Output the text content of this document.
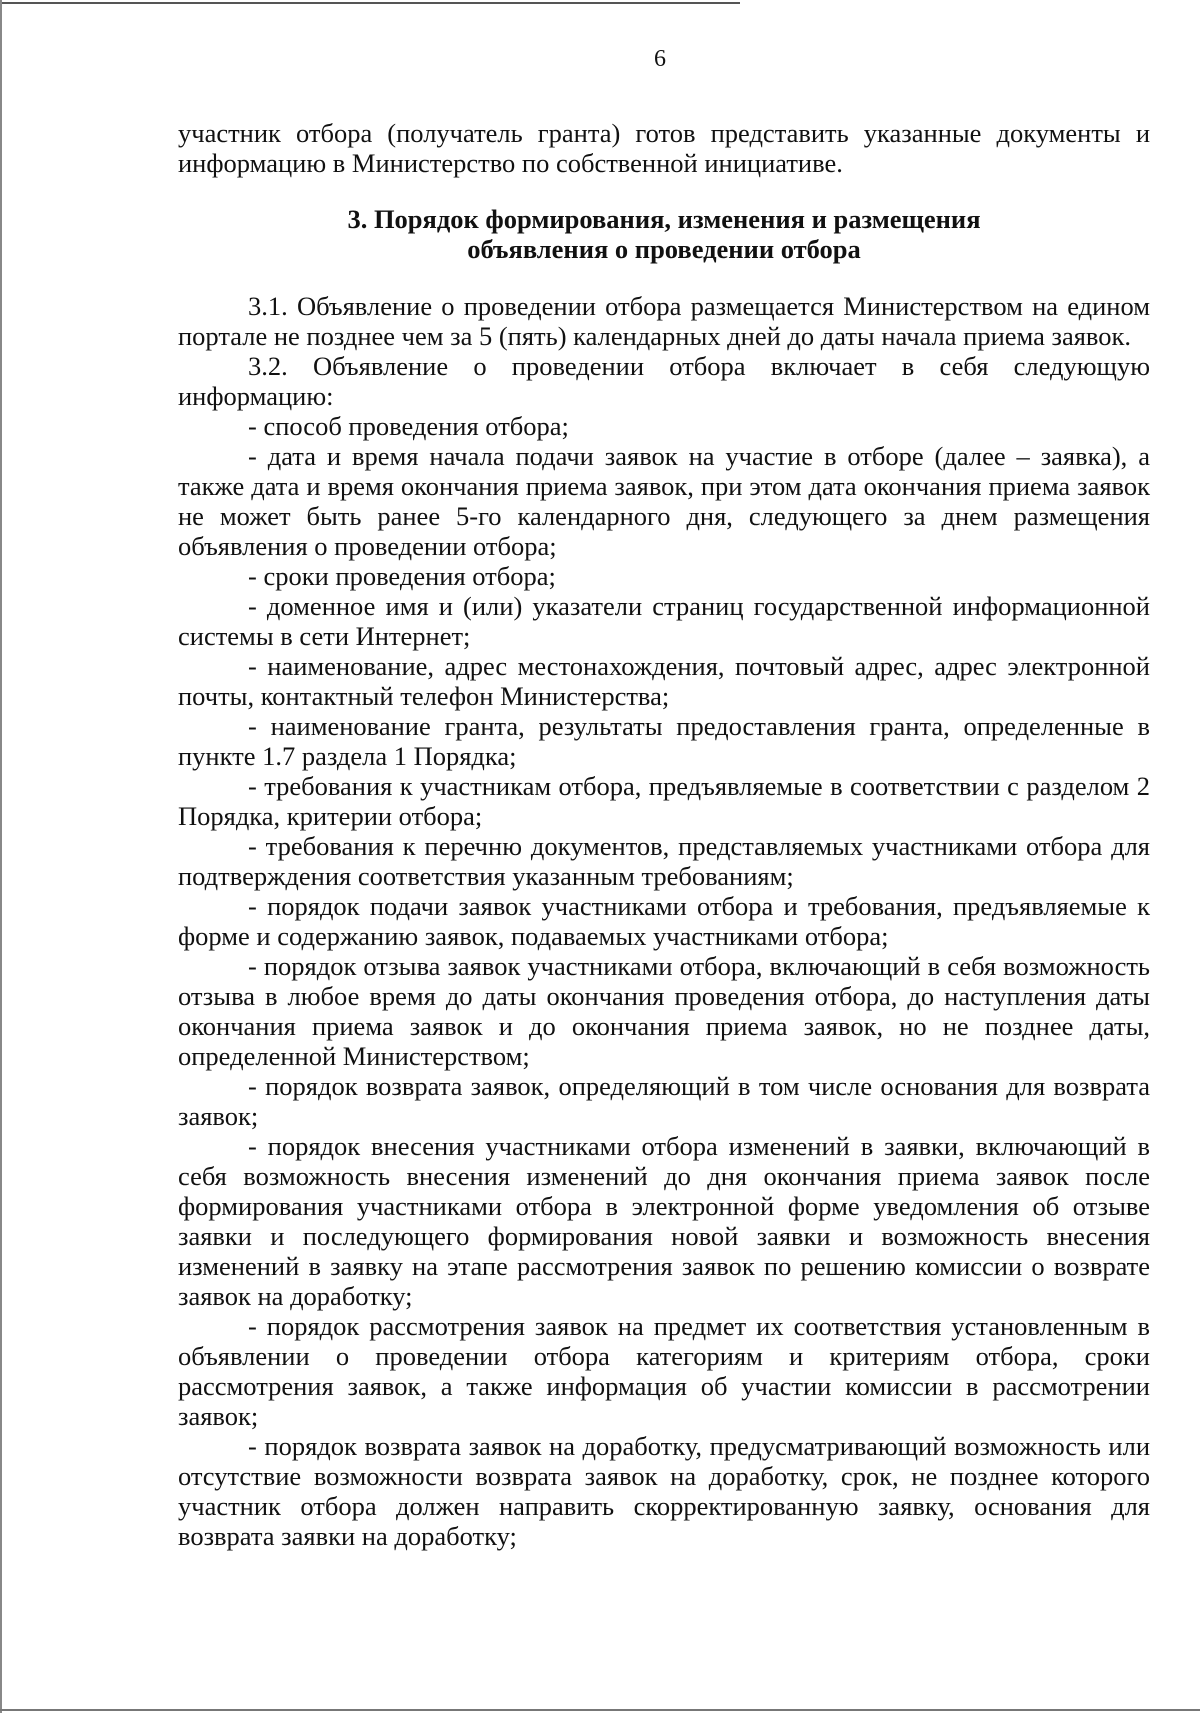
6

участник отбора (получатель гранта) готов представить указанные документы и информацию в Министерство по собственной инициативе.

3. Порядок формирования, изменения и размещения
объявления о проведении отбора

3.1. Объявление о проведении отбора размещается Министерством на едином портале не позднее чем за 5 (пять) календарных дней до даты начала приема заявок.

3.2. Объявление о проведении отбора включает в себя следующую информацию:

- способ проведения отбора;

- дата и время начала подачи заявок на участие в отборе (далее – заявка), а также дата и время окончания приема заявок, при этом дата окончания приема заявок не может быть ранее 5-го календарного дня, следующего за днем размещения объявления о проведении отбора;

- сроки проведения отбора;

- доменное имя и (или) указатели страниц государственной информационной системы в сети Интернет;

- наименование, адрес местонахождения, почтовый адрес, адрес электронной почты, контактный телефон Министерства;

- наименование гранта, результаты предоставления гранта, определенные в пункте 1.7 раздела 1 Порядка;

- требования к участникам отбора, предъявляемые в соответствии с разделом 2 Порядка, критерии отбора;

- требования к перечню документов, представляемых участниками отбора для подтверждения соответствия указанным требованиям;

- порядок подачи заявок участниками отбора и требования, предъявляемые к форме и содержанию заявок, подаваемых участниками отбора;

- порядок отзыва заявок участниками отбора, включающий в себя возможность отзыва в любое время до даты окончания проведения отбора, до наступления даты окончания приема заявок и до окончания приема заявок, но не позднее даты, определенной Министерством;

- порядок возврата заявок, определяющий в том числе основания для возврата заявок;

- порядок внесения участниками отбора изменений в заявки, включающий в себя возможность внесения изменений до дня окончания приема заявок после формирования участниками отбора в электронной форме уведомления об отзыве заявки и последующего формирования новой заявки и возможность внесения изменений в заявку на этапе рассмотрения заявок по решению комиссии о возврате заявок на доработку;

- порядок рассмотрения заявок на предмет их соответствия установленным в объявлении о проведении отбора категориям и критериям отбора, сроки рассмотрения заявок, а также информация об участии комиссии в рассмотрении заявок;

- порядок возврата заявок на доработку, предусматривающий возможность или отсутствие возможности возврата заявок на доработку, срок, не позднее которого участник отбора должен направить скорректированную заявку, основания для возврата заявки на доработку;
